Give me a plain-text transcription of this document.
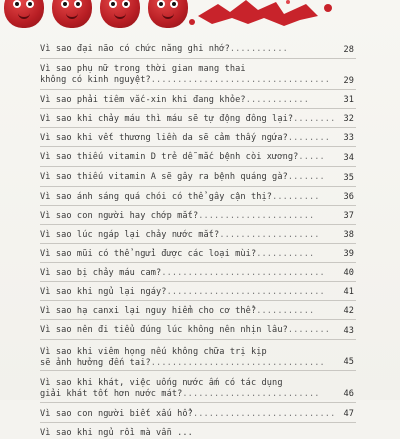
Vì sao đại não có chức năng ghi nhớ?...........	28
Vì sao phụ nữ trong thời gian mang thai
không có kinh nguyệt?.................................. 29
Vì sao phải tiêm vắc-xin khi đang khỏe?............	31
Vì sao khi chảy máu thì máu sẽ tự động đông lại?........ 32
Vì sao khi vết thương liền da sẽ cảm thấy ngứa?........ 33
Vì sao thiếu vitamin D trẻ dễ mắc bệnh còi xương?.....	34
Vì sao thiếu vitamin A sẽ gây ra bệnh quáng gà?.......	35
Vì sao ánh sáng quá chói có thể gây cận thị?.........	36
Vì sao con người hay chớp mắt?......................	37
Vì sao lúc ngáp lại chảy nước mắt?...................	38
Vì sao mũi có thể ngửi được các loại mùi?...........	39
Vì sao bị chảy máu cam?...............................	40
Vì sao khi ngủ lại ngáy?..............................	41
Vì sao hạ canxi lại nguy hiểm cho cơ thể?...........	42
Vì sao nên đi tiểu đúng lúc không nên nhịn lâu?........ 43
Vì sao khi viêm họng nếu không chữa trị kịp
sẽ ảnh hưởng đến tai?.................................	45
Vì sao khi khát, việc uống nước ấm có tác dụng
giải khát tốt hơn nước mát?..........................	46
Vì sao con người biết xấu hổ?........................... 47
Vì sao khi ngủ rồi mà vẫn ...
